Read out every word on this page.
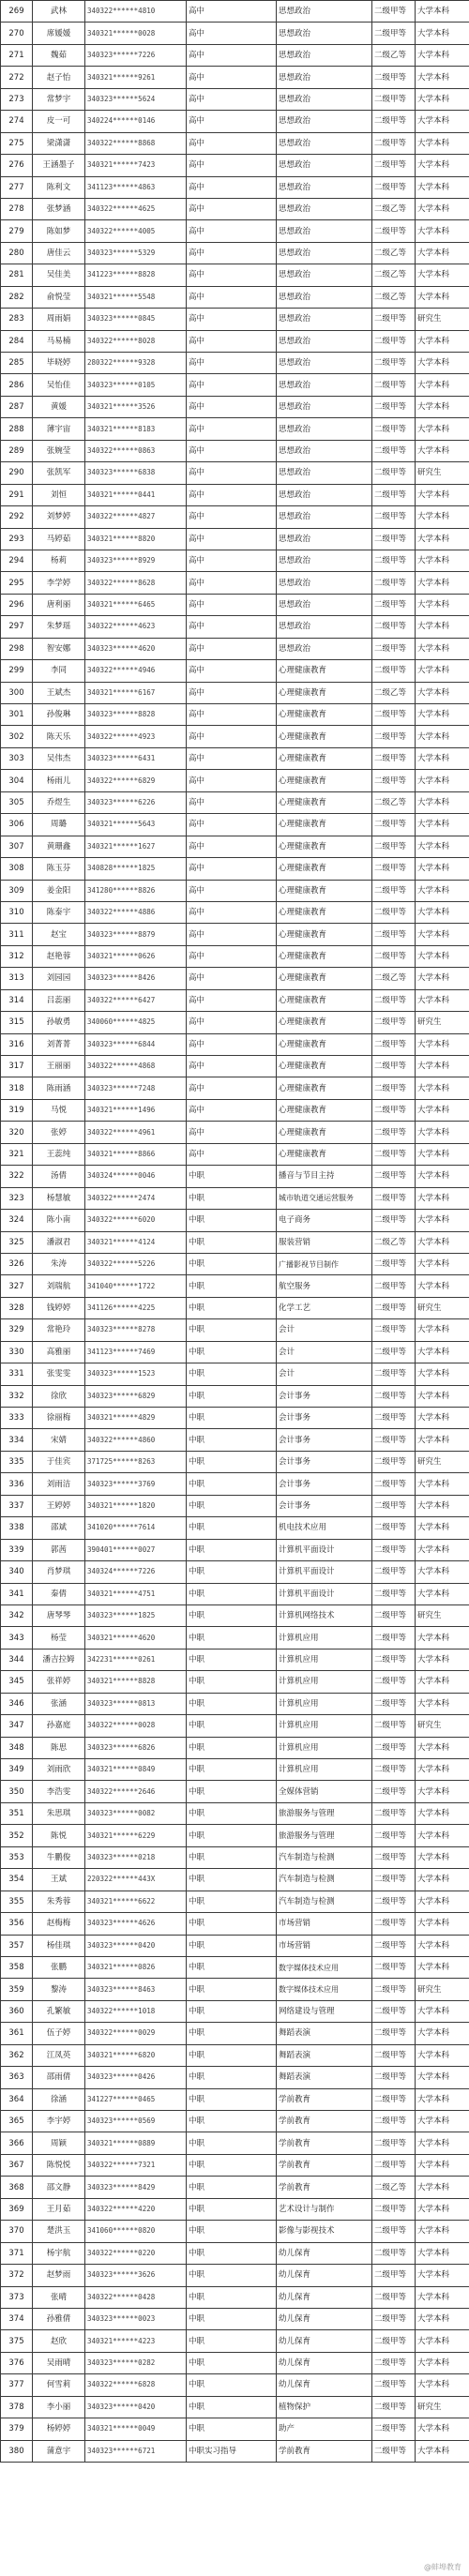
269	武林	340322******4810	高中	思想政治	二级甲等	大学本科
270	席媛媛	340321******0028	高中	思想政治	二级甲等	大学本科
271	魏茹	340323******7226	高中	思想政治	二级乙等	大学本科
272	赵子怡	340321******9261	高中	思想政治	二级甲等	大学本科
273	常梦宇	340323******5624	高中	思想政治	二级甲等	大学本科
274	皮一可	340224******0146	高中	思想政治	二级甲等	大学本科
275	梁潇潇	340322******8868	高中	思想政治	二级甲等	大学本科
276	王涵墨子	340321******7423	高中	思想政治	二级甲等	大学本科
277	陈利文	341123******4863	高中	思想政治	二级甲等	大学本科
278	张梦涵	340322******4625	高中	思想政治	二级乙等	大学本科
279	陈如梦	340322******4005	高中	思想政治	二级甲等	大学本科
280	唐佳云	340323******5329	高中	思想政治	二级乙等	大学本科
281	吴佳美	341223******8828	高中	思想政治	二级乙等	大学本科
282	俞悦莹	340321******5548	高中	思想政治	二级乙等	大学本科
283	周雨娟	340323******0845	高中	思想政治	二级甲等	研究生
284	马易楠	340322******8028	高中	思想政治	二级甲等	大学本科
285	毕晓婷	280322******9328	高中	思想政治	二级甲等	大学本科
286	吴怡佳	340323******0105	高中	思想政治	二级甲等	大学本科
287	黄媛	340321******3526	高中	思想政治	二级甲等	大学本科
288	薄宇宙	340321******8183	高中	思想政治	二级甲等	大学本科
289	张婉莹	340322******0863	高中	思想政治	二级甲等	大学本科
290	张凯军	340323******6838	高中	思想政治	二级甲等	研究生
291	刘恒	340321******0441	高中	思想政治	二级甲等	大学本科
292	刘梦婷	340322******4827	高中	思想政治	二级甲等	大学本科
293	马婷茹	340321******8820	高中	思想政治	二级甲等	大学本科
294	杨莉	340323******8929	高中	思想政治	二级甲等	大学本科
295	李学婷	340322******8628	高中	思想政治	二级甲等	大学本科
296	唐利丽	340321******6465	高中	思想政治	二级甲等	大学本科
297	朱梦瑶	340322******4623	高中	思想政治	二级甲等	大学本科
298	智安娜	340323******4620	高中	思想政治	二级甲等	大学本科
299	李同	340322******4946	高中	心理健康教育	二级甲等	大学本科
300	王斌杰	340321******6167	高中	心理健康教育	二级乙等	大学本科
301	孙俊琳	340323******8828	高中	心理健康教育	二级甲等	大学本科
302	陈天乐	340322******4923	高中	心理健康教育	二级甲等	大学本科
303	吴伟杰	340323******6431	高中	心理健康教育	二级甲等	大学本科
304	杨雨儿	340322******6829	高中	心理健康教育	二级甲等	大学本科
305	乔煜生	340323******6226	高中	心理健康教育	二级乙等	大学本科
306	周璐	340321******5643	高中	心理健康教育	二级甲等	大学本科
307	黄珊鑫	340321******1627	高中	心理健康教育	二级甲等	大学本科
308	陈玉芬	340828******1825	高中	心理健康教育	二级甲等	大学本科
309	姜金阳	341280******8826	高中	心理健康教育	二级甲等	大学本科
310	陈泰宇	340322******4886	高中	心理健康教育	二级甲等	大学本科
311	赵宝	340323******8879	高中	心理健康教育	二级甲等	大学本科
312	赵艳蓉	340321******0626	高中	心理健康教育	二级甲等	大学本科
313	刘园园	340323******8426	高中	心理健康教育	二级乙等	大学本科
314	吕蕊丽	340322******6427	高中	心理健康教育	二级甲等	大学本科
315	孙敏勇	340060******4825	高中	心理健康教育	二级甲等	研究生
316	刘菁菁	340323******6844	高中	心理健康教育	二级甲等	大学本科
317	王丽丽	340322******4868	高中	心理健康教育	二级甲等	大学本科
318	陈雨涵	340323******7248	高中	心理健康教育	二级甲等	大学本科
319	马悦	340321******1496	高中	心理健康教育	二级甲等	大学本科
320	张婷	340322******4961	高中	心理健康教育	二级甲等	大学本科
321	王蕊纯	340321******8866	高中	心理健康教育	二级甲等	大学本科
322	汤倩	340324******0046	中职	播音与节目主持	二级甲等	大学本科
323	杨慧敏	340322******2474	中职	城市轨道交通运营服务	二级甲等	大学本科
324	陈小南	340322******6020	中职	电子商务	二级甲等	大学本科
325	潘淑君	340321******4124	中职	服装营销	二级乙等	大学本科
326	朱涛	340322******5226	中职	广播影视节目制作	二级甲等	大学本科
327	刘瑞航	341040******1722	中职	航空服务	二级甲等	大学本科
328	钱婷婷	341126******4225	中职	化学工艺	二级甲等	研究生
329	常艳玲	340323******8278	中职	会计	二级甲等	大学本科
330	高雅丽	341123******7469	中职	会计	二级甲等	大学本科
331	张雯雯	340323******1523	中职	会计	二级甲等	大学本科
332	徐欣	340323******6829	中职	会计事务	二级甲等	大学本科
333	徐丽梅	340321******4829	中职	会计事务	二级甲等	大学本科
334	宋婧	340322******4860	中职	会计事务	二级甲等	大学本科
335	于佳宾	371725******8263	中职	会计事务	二级甲等	研究生
336	刘雨洁	340323******3769	中职	会计事务	二级甲等	大学本科
337	王婷婷	340321******1820	中职	会计事务	二级甲等	大学本科
338	邵斌	341020******7614	中职	机电技术应用	二级甲等	大学本科
339	郭茜	390401******0027	中职	计算机平面设计	二级甲等	大学本科
340	肖梦琪	340324******7226	中职	计算机平面设计	二级甲等	大学本科
341	秦倩	340321******4751	中职	计算机平面设计	二级甲等	大学本科
342	唐琴琴	340323******1825	中职	计算机网络技术	二级甲等	研究生
343	杨莹	340321******4620	中职	计算机应用	二级甲等	大学本科
344	潘吉拉姆	342231******0261	中职	计算机应用	二级甲等	大学本科
345	张祥婷	340321******8828	中职	计算机应用	二级甲等	大学本科
346	张涵	340323******0813	中职	计算机应用	二级甲等	大学本科
347	孙嘉庭	340322******0028	中职	计算机应用	二级甲等	研究生
348	陈思	340323******6826	中职	计算机应用	二级甲等	大学本科
349	刘雨欣	340321******0849	中职	计算机应用	二级甲等	大学本科
350	李浩雯	340322******2646	中职	全媒体营销	二级甲等	大学本科
351	朱思琪	340323******0082	中职	旅游服务与管理	二级甲等	大学本科
352	陈悦	340321******6229	中职	旅游服务与管理	二级甲等	大学本科
353	牛鹏俊	340323******0218	中职	汽车制造与检测	二级甲等	大学本科
354	王斌	220322******443X	中职	汽车制造与检测	二级甲等	大学本科
355	朱秀蓉	340321******6622	中职	汽车制造与检测	二级甲等	大学本科
356	赵梅梅	340323******4626	中职	市场营销	二级甲等	大学本科
357	杨佳琪	340323******0420	中职	市场营销	二级甲等	大学本科
358	张鹏	340321******0826	中职	数字媒体技术应用	二级甲等	大学本科
359	黎涛	340323******8463	中职	数字媒体技术应用	二级甲等	研究生
360	孔繁敏	340322******1018	中职	网络建设与管理	二级甲等	大学本科
361	伍子婷	340322******0029	中职	舞蹈表演	二级甲等	大学本科
362	江凤英	340321******6820	中职	舞蹈表演	二级甲等	大学本科
363	邵雨倩	340323******0426	中职	舞蹈表演	二级甲等	大学本科
364	徐涵	341227******0465	中职	学前教育	二级甲等	大学本科
365	李宇婷	340323******0569	中职	学前教育	二级甲等	大学本科
366	周颖	340321******0889	中职	学前教育	二级甲等	大学本科
367	陈悦悦	340322******7321	中职	学前教育	二级甲等	大学本科
368	邵文静	340323******8429	中职	学前教育	二级乙等	大学本科
369	王月茹	340322******4220	中职	艺术设计与制作	二级甲等	大学本科
370	楚洪玉	341060******0820	中职	影像与影视技术	二级甲等	大学本科
371	杨宇航	340322******0220	中职	幼儿保育	二级甲等	大学本科
372	赵梦雨	340323******3626	中职	幼儿保育	二级甲等	大学本科
373	张晴	340322******0428	中职	幼儿保育	二级甲等	大学本科
374	孙雅倩	340323******0023	中职	幼儿保育	二级甲等	大学本科
375	赵欣	340321******4223	中职	幼儿保育	二级甲等	大学本科
376	吴雨晴	340323******0282	中职	幼儿保育	二级甲等	大学本科
377	何雪莉	340322******6828	中职	幼儿保育	二级甲等	大学本科
378	李小丽	340323******0420	中职	植物保护	二级甲等	研究生
379	杨婷婷	340321******0049	中职	助产	二级甲等	大学本科
380	蒲意宇	340323******6721	中职实习指导	学前教育	二级甲等	大学本科
@蚌埠教育
